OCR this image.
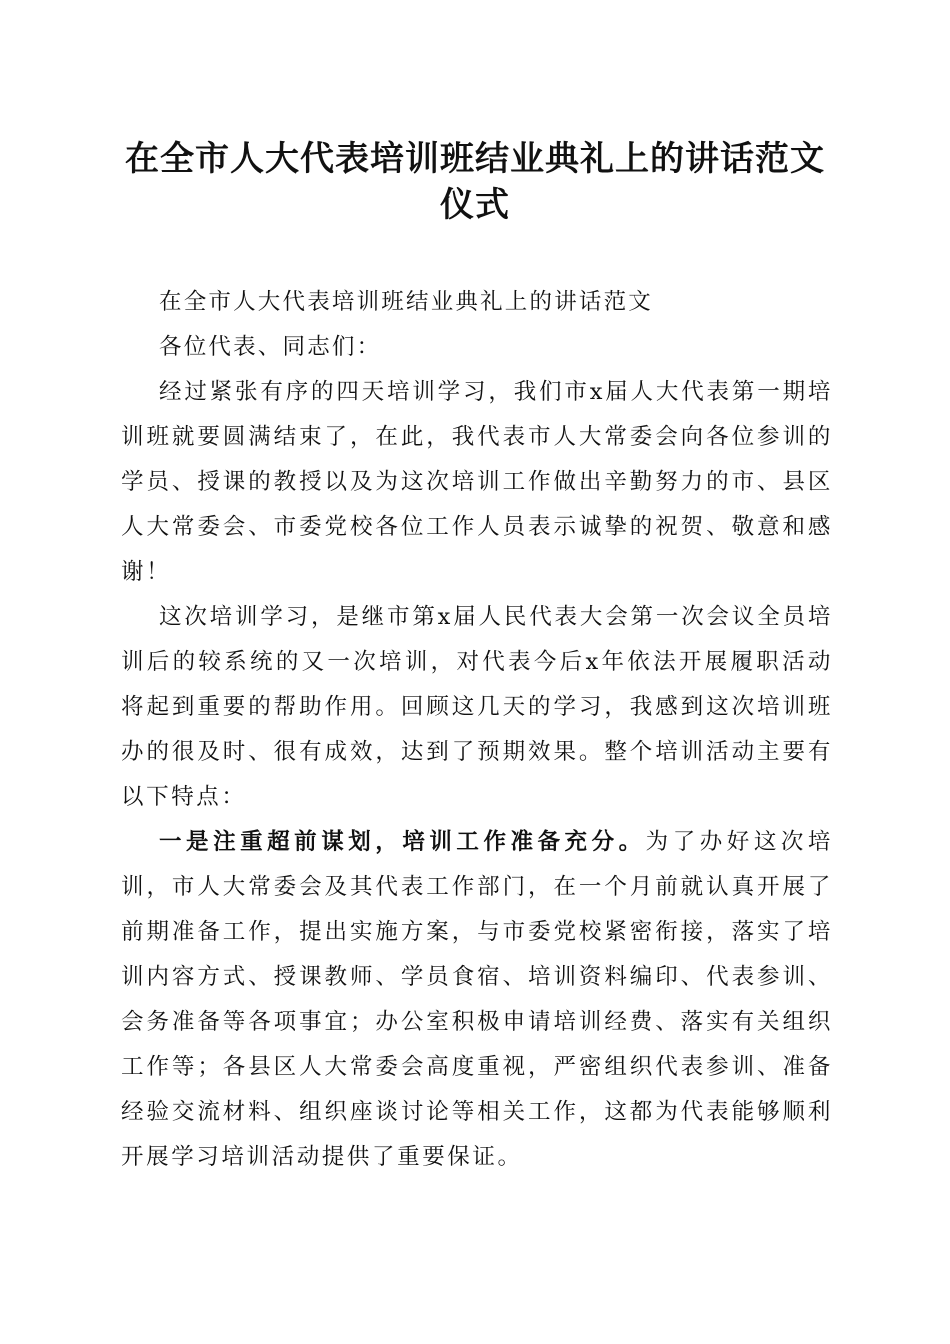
在全市人大代表培训班结业典礼上的讲话范文
仪式

在全市人大代表培训班结业典礼上的讲话范文

各位代表、同志们：

经过紧张有序的四天培训学习，我们市x届人大代表第一期培训班就要圆满结束了，在此，我代表市人大常委会向各位参训的学员、授课的教授以及为这次培训工作做出辛勤努力的市、县区人大常委会、市委党校各位工作人员表示诚挚的祝贺、敬意和感谢！

这次培训学习，是继市第x届人民代表大会第一次会议全员培训后的较系统的又一次培训，对代表今后x年依法开展履职活动将起到重要的帮助作用。回顾这几天的学习，我感到这次培训班办的很及时、很有成效，达到了预期效果。整个培训活动主要有以下特点：

一是注重超前谋划，培训工作准备充分。为了办好这次培训，市人大常委会及其代表工作部门，在一个月前就认真开展了前期准备工作，提出实施方案，与市委党校紧密衔接，落实了培训内容方式、授课教师、学员食宿、培训资料编印、代表参训、会务准备等各项事宜；办公室积极申请培训经费、落实有关组织工作等；各县区人大常委会高度重视，严密组织代表参训、准备经验交流材料、组织座谈讨论等相关工作，这都为代表能够顺利开展学习培训活动提供了重要保证。
